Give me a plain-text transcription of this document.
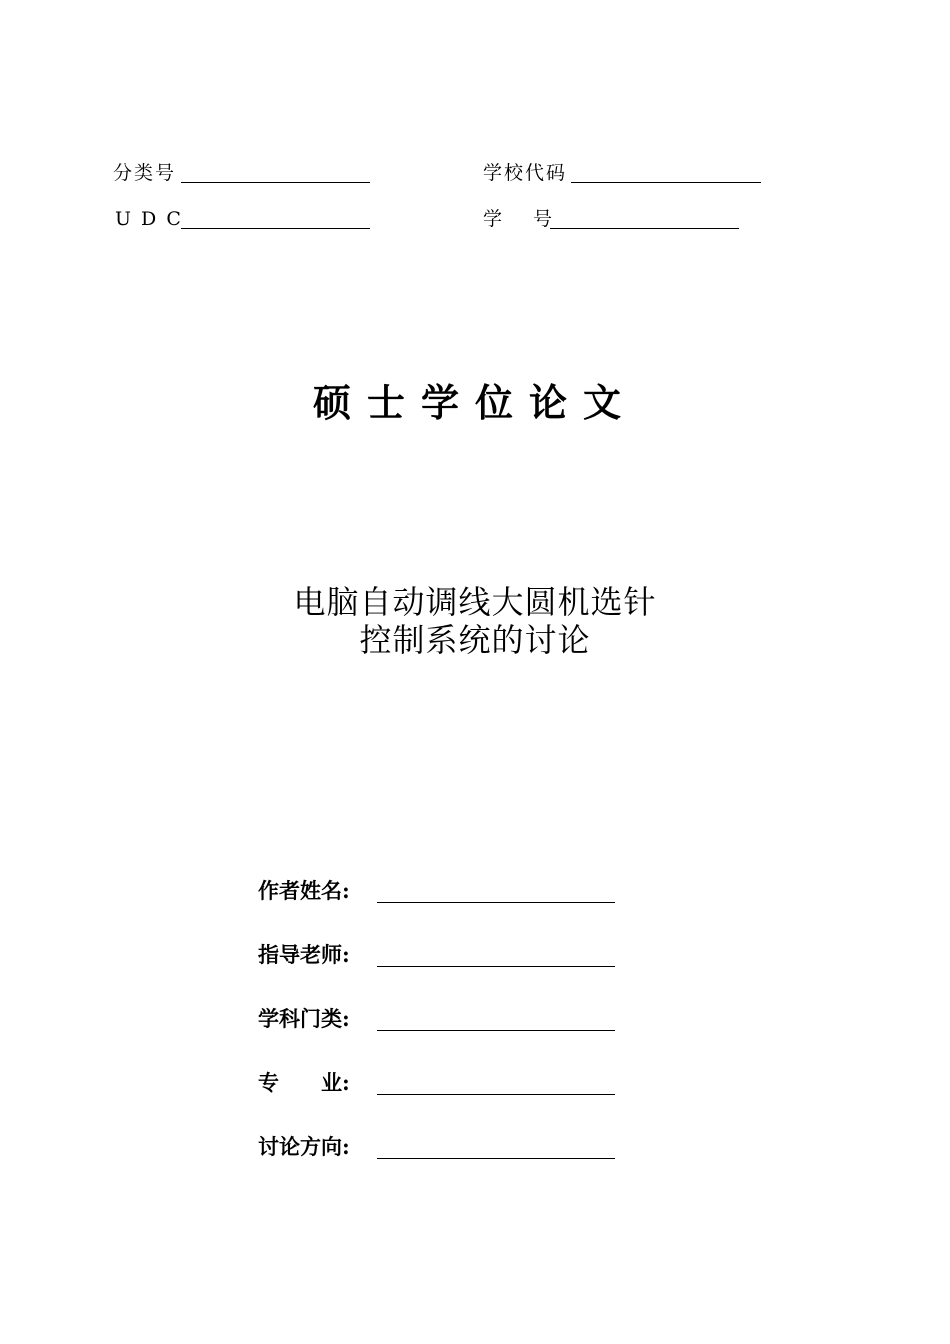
分类号	学校代码
U D C	学　 号
硕士学位论文
电脑自动调线大圆机选针
控制系统的讨论
作者姓名:
指导老师:
学科门类:
专　　业:
讨论方向:
